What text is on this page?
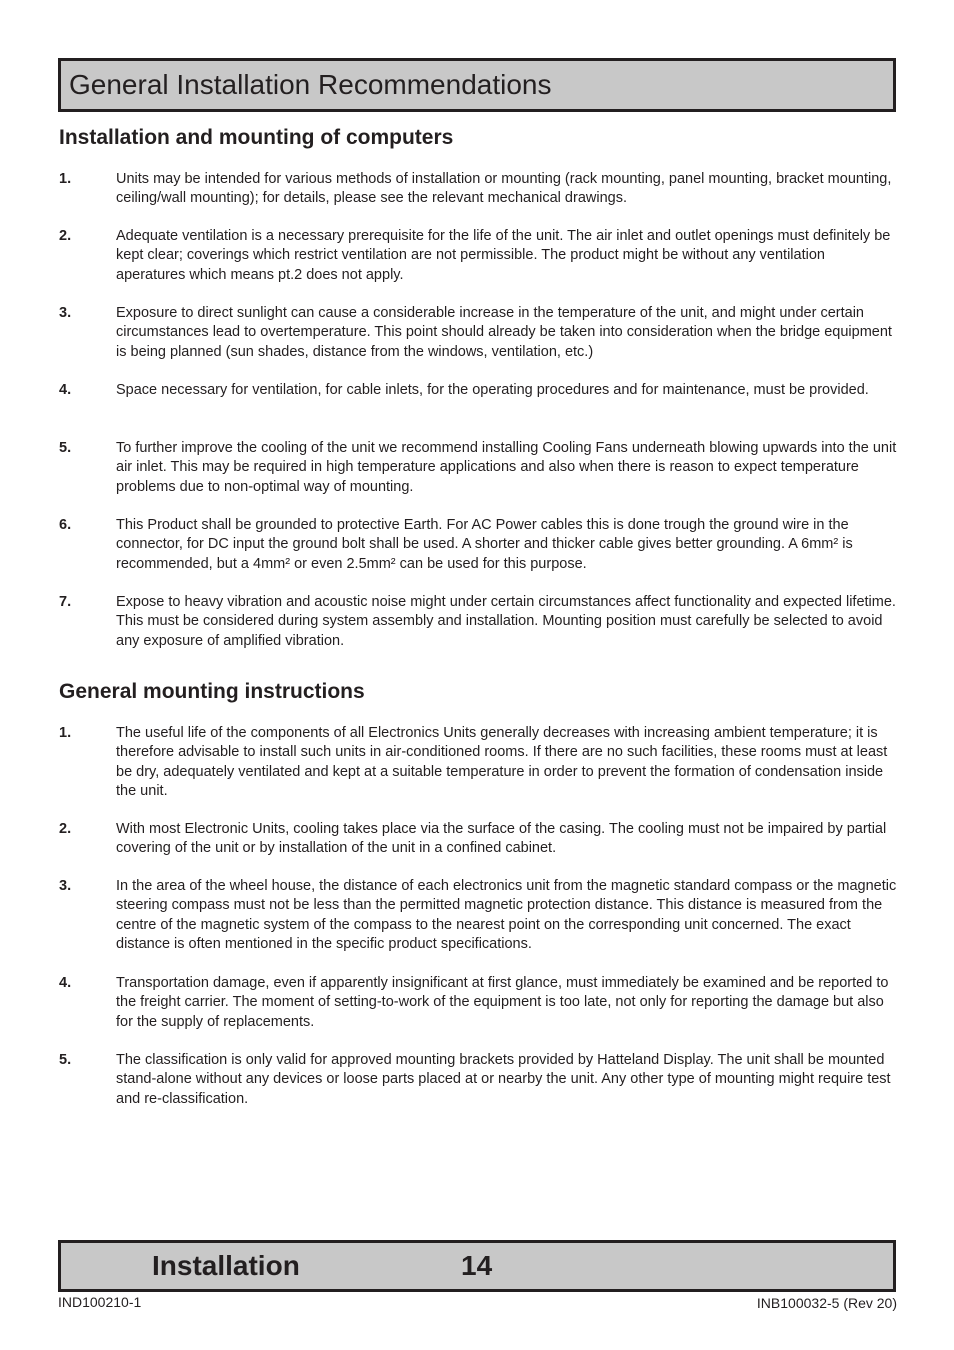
General Installation Recommendations
Installation and mounting of computers
1.	Units may be intended for various methods of installation or mounting (rack mounting, panel mounting, bracket mounting, ceiling/wall mounting); for details, please see the relevant mechanical drawings.
2.	Adequate ventilation is a necessary prerequisite for the life of the unit. The air inlet and outlet openings must definitely be kept clear; coverings which restrict ventilation are not permissible. The product might be without any ventilation aperatures which means pt.2 does not apply.
3.	Exposure to direct sunlight can cause a considerable increase in the temperature of the unit, and might under certain circumstances lead to overtemperature. This point should already be taken into consideration when the bridge equipment is being planned (sun shades, distance from the windows, ventilation, etc.)
4.	Space necessary for ventilation, for cable inlets, for the operating procedures and for maintenance, must be provided.
5.	To further improve the cooling of the unit we recommend installing Cooling Fans underneath blowing upwards into the unit air inlet. This may be required in high temperature applications and also when there is reason to expect temperature problems due to non-optimal way of mounting.
6.	This Product shall be grounded to protective Earth. For AC Power cables this is done trough the ground wire in the connector, for DC input the ground bolt shall be used. A shorter and thicker cable gives better grounding. A 6mm² is recommended, but a 4mm² or even 2.5mm² can be used for this purpose.
7.	Expose to heavy vibration and acoustic noise might under certain circumstances affect functionality and expected lifetime. This must be considered during system assembly and installation. Mounting position must carefully be selected to avoid any exposure of amplified vibration.
General mounting instructions
1.	The useful life of the components of all Electronics Units generally decreases with increasing ambient temperature; it is therefore advisable to install such units in air-conditioned rooms. If there are no such facilities, these rooms must at least be dry, adequately ventilated and kept at a suitable temperature in order to prevent the formation of condensation inside the unit.
2.	With most Electronic Units, cooling takes place via the surface of the casing. The cooling must not be impaired by partial covering of the unit or by installation of the unit in a confined cabinet.
3.	In the area of the wheel house, the distance of each electronics unit from the magnetic standard compass or the magnetic steering compass must not be less than the permitted magnetic protection distance. This distance is measured from the centre of the magnetic system of the compass to the nearest point on the corresponding unit concerned. The exact distance is often mentioned in the specific product specifications.
4.	Transportation damage, even if apparently insignificant at first glance, must immediately be examined and be reported to the freight carrier. The moment of setting-to-work of the equipment is too late, not only for reporting the damage but also for the supply of replacements.
5.	The classification is only valid for approved mounting brackets provided by Hatteland Display. The unit shall be mounted stand-alone without any devices or loose parts placed at or nearby the unit. Any other type of mounting might require test and re-classification.
Installation	14
IND100210-1	INB100032-5 (Rev 20)
